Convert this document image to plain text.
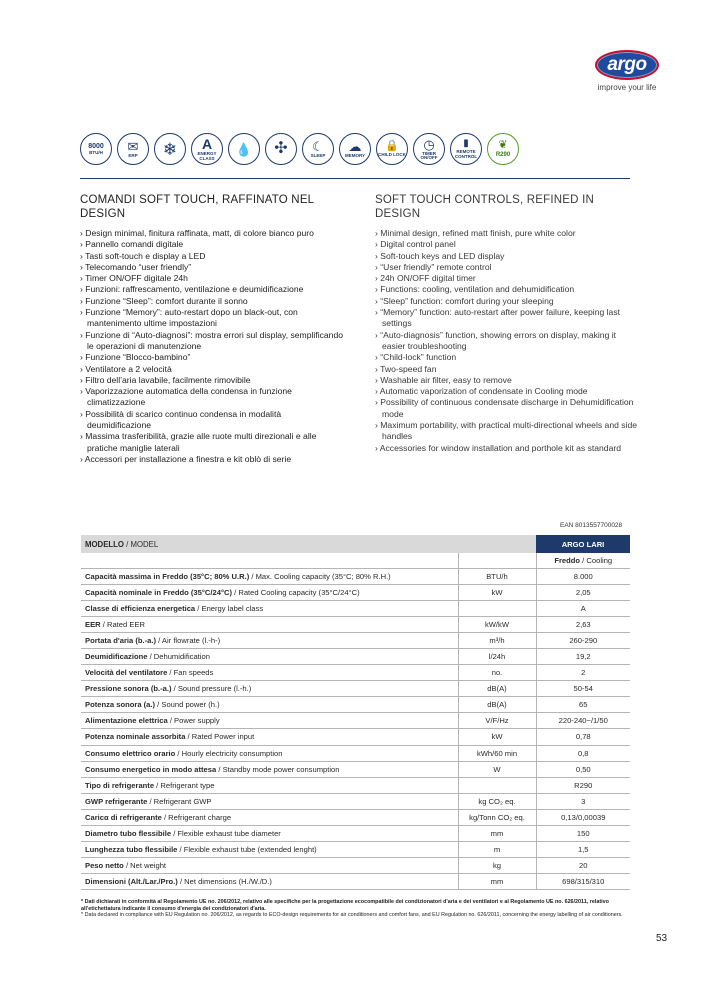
argo
improve your life
8000
BTU/H ✉
ERP ❄ A
ENERGY CLASS
💧 ✣ ☾
SLEEP
☁
MEMORY
🔒
CHILD LOCK
◷
TIMER ON/OFF
▮
REMOTE CONTROL
❦
R290
COMANDI SOFT TOUCH, RAFFINATO NEL DESIGN
› Design minimal, finitura raffinata, matt, di colore bianco puro
› Pannello comandi digitale
› Tasti soft-touch e display a LED
› Telecomando “user friendly”
› Timer ON/OFF digitale 24h
› Funzioni: raffrescamento, ventilazione e deumidificazione
› Funzione “Sleep”: comfort durante il sonno
› Funzione “Memory”: auto-restart dopo un black-out, con mantenimento ultime impostazioni
› Funzione di “Auto-diagnosi”: mostra errori sul display, semplificando le operazioni di manutenzione
› Funzione “Blocco-bambino”
› Ventilatore a 2 velocità
› Filtro dell’aria lavabile, facilmente rimovibile
› Vaporizzazione automatica della condensa in funzione climatizzazione
› Possibilità di scarico continuo condensa in modalità deumidificazione
› Massima trasferibilità, grazie alle ruote multi direzionali e alle pratiche maniglie laterali
› Accessori per installazione a finestra e kit oblò di serie
SOFT TOUCH CONTROLS, REFINED IN DESIGN
› Minimal design, refined matt finish, pure white color
› Digital control panel
› Soft-touch keys and LED display
› “User friendly” remote control
› 24h ON/OFF digital timer
› Functions: cooling, ventilation and dehumidification
› “Sleep” function: comfort during your sleeping
› “Memory” function: auto-restart after power failure, keeping last settings
› “Auto-diagnosis” function, showing errors on display, making it easier troubleshooting
› “Child-lock” function
› Two-speed fan
› Washable air filter, easy to remove
› Automatic vaporization of condensate in Cooling mode
› Possibility of continuous condensate discharge in Dehumidification mode
› Maximum portability, with practical multi-directional wheels and side handles
› Accessories for window installation and porthole kit as standard
EAN 8013557700028
MODELLO / MODEL		ARGO LARI
		Freddo / Cooling
Capacità massima in Freddo (35°C; 80% U.R.) / Max. Cooling capacity (35°C; 80% R.H.)	BTU/h	8.000
Capacità nominale in Freddo (35°C/24°C) / Rated Cooling capacity (35°C/24°C)	kW	2,05
Classe di efficienza energetica / Energy label class		A
EER / Rated EER	kW/kW	2,63
Portata d'aria (b.-a.) / Air flowrate (l.-h-)	m³/h	260-290
Deumidificazione / Dehumidification	l/24h	19,2
Velocità del ventilatore / Fan speeds	no.	2
Pressione sonora (b.-a.) / Sound pressure (l.-h.)	dB(A)	50-54
Potenza sonora (a.) / Sound power (h.)	dB(A)	65
Alimentazione elettrica / Power supply	V/F/Hz	220-240~/1/50
Potenza nominale assorbita / Rated Power input	kW	0,78
Consumo elettrico orario / Hourly electricity consumption	kWh/60 min	0,8
Consumo energetico in modo attesa / Standby mode power consumption	W	0,50
Tipo di refrigerante / Refrigerant type		R290
GWP refrigerante / Refrigerant GWP	kg CO₂ eq.	3
Caricα di refrigerante / Refrigerant charge	kg/Tonn CO₂ eq.	0,13/0,00039
Diametro tubo flessibile / Flexible exhaust tube diameter	mm	150
Lunghezza tubo flessibile / Flexible exhaust tube (extended lenght)	m	1,5
Peso netto / Net weight	kg	20
Dimensioni (Alt./Lar./Pro.) / Net dimensions (H./W./D.)	mm	698/315/310

* Dati dichiarati in conformità al Regolamento UE no. 206/2012, relativo alle specifiche per la progettazione ecocompatibile dei condizionatori d'aria e dei ventilatori e al Regolamento UE no. 626/2011, relativo all'etichettatura indicante il consumo d'energia dei condizionatori d'aria.

* Data declared in compliance with EU Regulation no. 206/2012, as regards to ECO-design requirements for air conditioners and comfort fans, and EU Regulation no. 626/2011, concerning the energy labelling of air conditioners.

53
